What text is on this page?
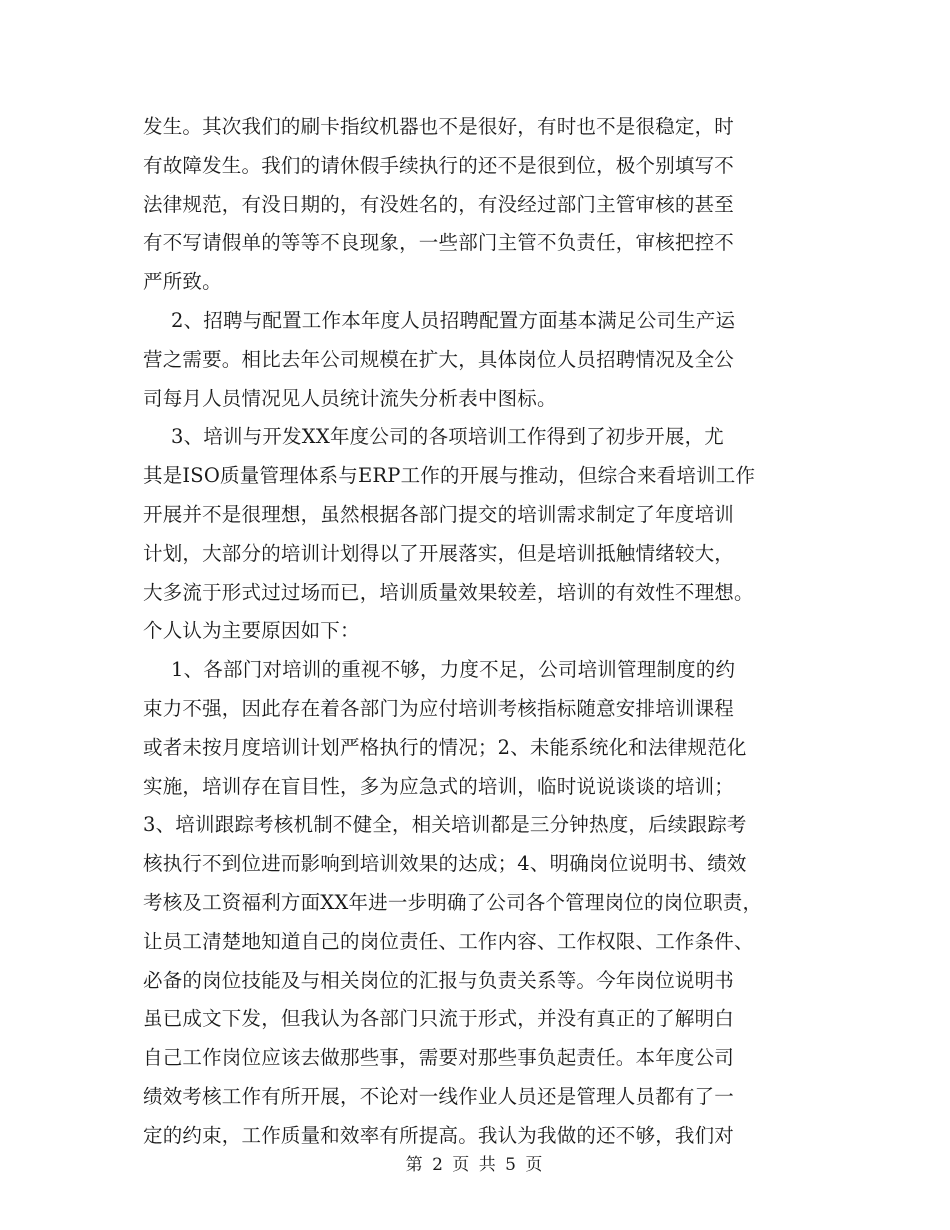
发生。其次我们的刷卡指纹机器也不是很好，有时也不是很稳定，时
有故障发生。我们的请休假手续执行的还不是很到位，极个别填写不
法律规范，有没日期的，有没姓名的，有没经过部门主管审核的甚至
有不写请假单的等等不良现象，一些部门主管不负责任，审核把控不
严所致。
2、招聘与配置工作本年度人员招聘配置方面基本满足公司生产运
营之需要。相比去年公司规模在扩大，具体岗位人员招聘情况及全公
司每月人员情况见人员统计流失分析表中图标。
3、培训与开发XX年度公司的各项培训工作得到了初步开展，尤
其是ISO质量管理体系与ERP工作的开展与推动，但综合来看培训工作
开展并不是很理想，虽然根据各部门提交的培训需求制定了年度培训
计划，大部分的培训计划得以了开展落实，但是培训抵触情绪较大，
大多流于形式过过场而已，培训质量效果较差，培训的有效性不理想。
个人认为主要原因如下：
1、各部门对培训的重视不够，力度不足，公司培训管理制度的约
束力不强，因此存在着各部门为应付培训考核指标随意安排培训课程
或者未按月度培训计划严格执行的情况；2、未能系统化和法律规范化
实施，培训存在盲目性，多为应急式的培训，临时说说谈谈的培训；
3、培训跟踪考核机制不健全，相关培训都是三分钟热度，后续跟踪考
核执行不到位进而影响到培训效果的达成；4、明确岗位说明书、绩效
考核及工资福利方面XX年进一步明确了公司各个管理岗位的岗位职责，
让员工清楚地知道自己的岗位责任、工作内容、工作权限、工作条件、
必备的岗位技能及与相关岗位的汇报与负责关系等。今年岗位说明书
虽已成文下发，但我认为各部门只流于形式，并没有真正的了解明白
自己工作岗位应该去做那些事，需要对那些事负起责任。本年度公司
绩效考核工作有所开展，不论对一线作业人员还是管理人员都有了一
定的约束，工作质量和效率有所提高。我认为我做的还不够，我们对
第 2 页 共 5 页
